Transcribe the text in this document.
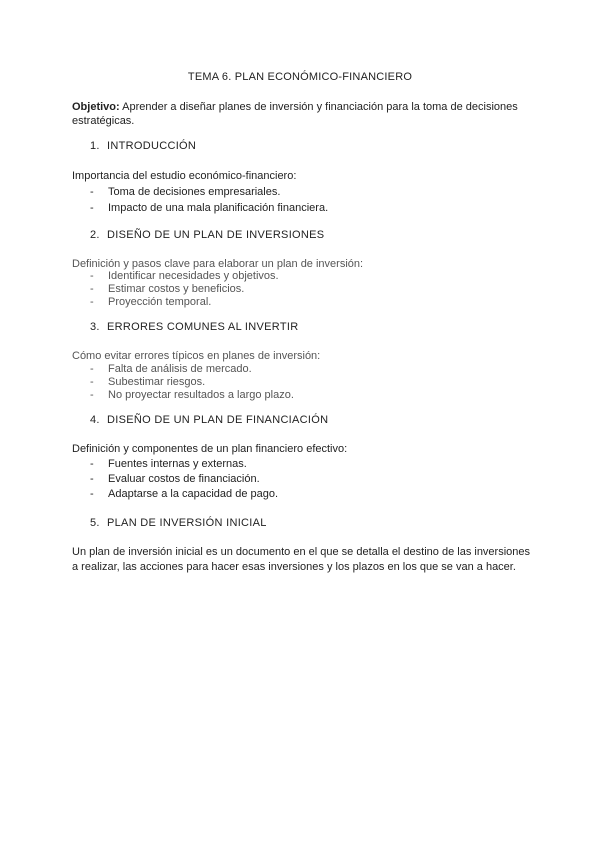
TEMA 6. PLAN ECONÓMICO-FINANCIERO
Objetivo: Aprender a diseñar planes de inversión y financiación para la toma de decisiones estratégicas.
1. INTRODUCCIÓN
Importancia del estudio económico-financiero:
- Toma de decisiones empresariales.
- Impacto de una mala planificación financiera.
2. DISEÑO DE UN PLAN DE INVERSIONES
Definición y pasos clave para elaborar un plan de inversión:
- Identificar necesidades y objetivos.
- Estimar costos y beneficios.
- Proyección temporal.
3. ERRORES COMUNES AL INVERTIR
Cómo evitar errores típicos en planes de inversión:
- Falta de análisis de mercado.
- Subestimar riesgos.
- No proyectar resultados a largo plazo.
4. DISEÑO DE UN PLAN DE FINANCIACIÓN
Definición y componentes de un plan financiero efectivo:
- Fuentes internas y externas.
- Evaluar costos de financiación.
- Adaptarse a la capacidad de pago.
5. PLAN DE INVERSIÓN INICIAL
Un plan de inversión inicial es un documento en el que se detalla el destino de las inversiones a realizar, las acciones para hacer esas inversiones y los plazos en los que se van a hacer.
